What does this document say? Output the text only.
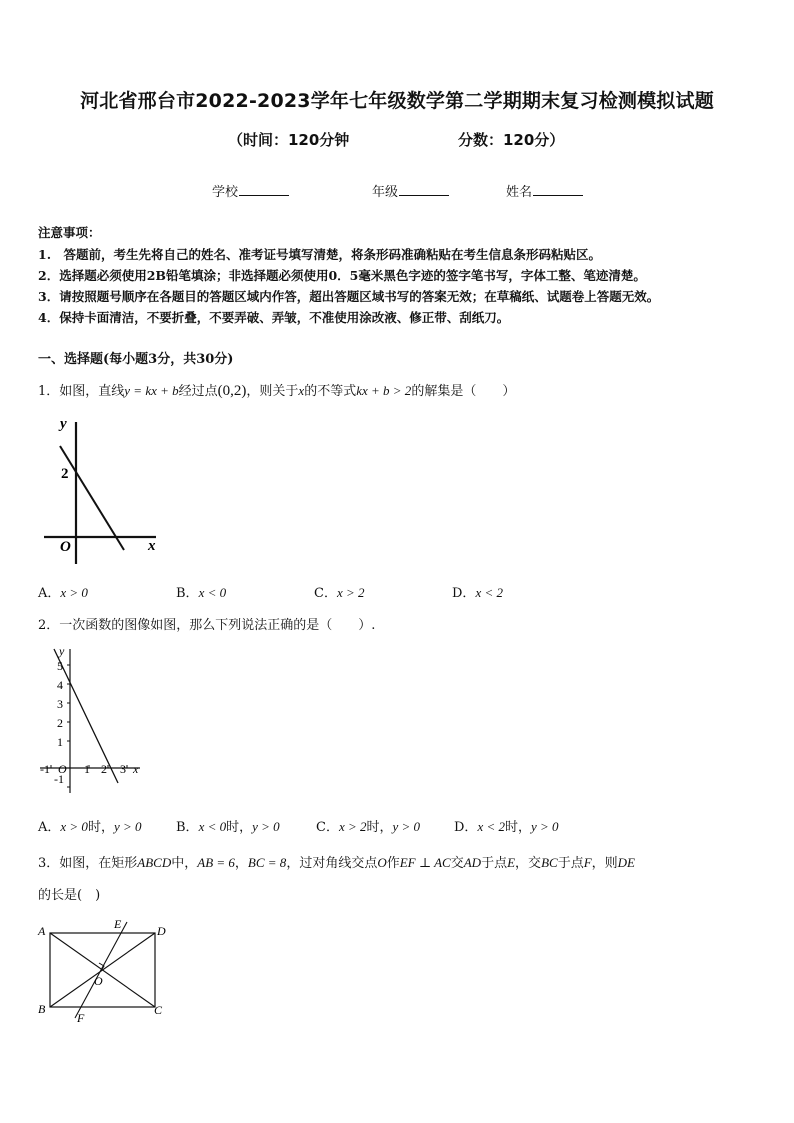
河北省邢台市2022-2023学年七年级数学第二学期期末复习检测模拟试题
（时间：120分钟	分数：120分）
学校	年级	姓名
注意事项：
1.　答题前，考生先将自己的姓名、准考证号填写清楚，将条形码准确粘贴在考生信息条形码粘贴区。
2．选择题必须使用2B铅笔填涂；非选择题必须使用0．5毫米黑色字迹的签字笔书写，字体工整、笔迹清楚。
3．请按照题号顺序在各题目的答题区域内作答，超出答题区域书写的答案无效；在草稿纸、试题卷上答题无效。
4．保持卡面清洁，不要折叠，不要弄破、弄皱，不准使用涂改液、修正带、刮纸刀。
一、选择题(每小题3分，共30分)
1．如图，直线y = kx + b经过点(0,2)，则关于x的不等式kx + b > 2的解集是（　　）
y
x
O
2
A．x > 0	B．x < 0	C．x > 2	D．x < 2
2．一次函数的图像如图，那么下列说法正确的是（　　）.
y
x
5
4
3
2
1
-1
-1 O 1 2 3
A．x > 0时，y > 0	B．x < 0时，y > 0	C．x > 2时，y > 0	D．x < 2时，y > 0
3．如图，在矩形ABCD中，AB = 6，BC = 8，过对角线交点O作EF ⊥ AC交AD于点E，交BC于点F，则DE
的长是(　)
A	D
B	C
E
F
O
